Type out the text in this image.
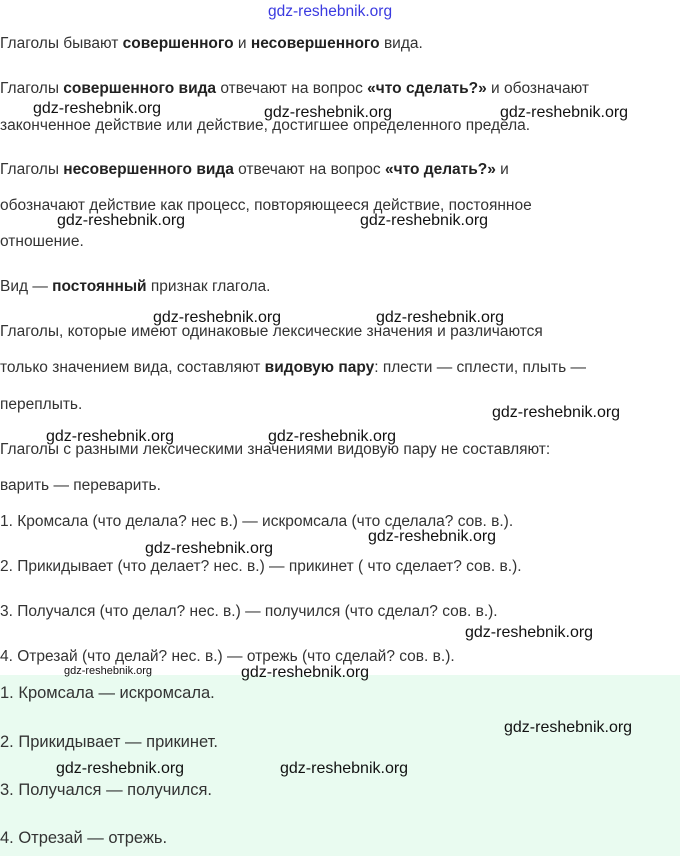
Глаголы бывают совершенного и несовершенного вида.
Глаголы совершенного вида отвечают на вопрос «что сделать?» и обозначают
законченное действие или действие, достигшее определенного предела.
Глаголы несовершенного вида отвечают на вопрос «что делать?» и
обозначают действие как процесс, повторяющееся действие, постоянное
отношение.
Вид — постоянный признак глагола.
Глаголы, которые имеют одинаковые лексические значения и различаются
только значением вида, составляют видовую пару: плести — сплести, плыть —
переплыть.
Глаголы с разными лексическими значениями видовую пару не составляют:
варить — переварить.
1. Кромсала (что делала? нес в.) — искромсала (что сделала? сов. в.).
2. Прикидывает (что делает? нес. в.) — прикинет ( что сделает? сов. в.).
3. Получался (что делал? нес. в.) — получился (что сделал? сов. в.).
4. Отрезай (что делай? нес. в.) — отрежь (что сделай? сов. в.).
1. Кромсала — искромсала.
2. Прикидывает — прикинет.
3. Получался — получился.
4. Отрезай — отрежь.
gdz-reshebnik.org
gdz-reshebnik.org	gdz-reshebnik.org	gdz-reshebnik.org
gdz-reshebnik.org	gdz-reshebnik.org
gdz-reshebnik.org	gdz-reshebnik.org
gdz-reshebnik.org
gdz-reshebnik.org	gdz-reshebnik.org
gdz-reshebnik.org
gdz-reshebnik.org
gdz-reshebnik.org
gdz-reshebnik.org	gdz-reshebnik.org
gdz-reshebnik.org
gdz-reshebnik.org	gdz-reshebnik.org
